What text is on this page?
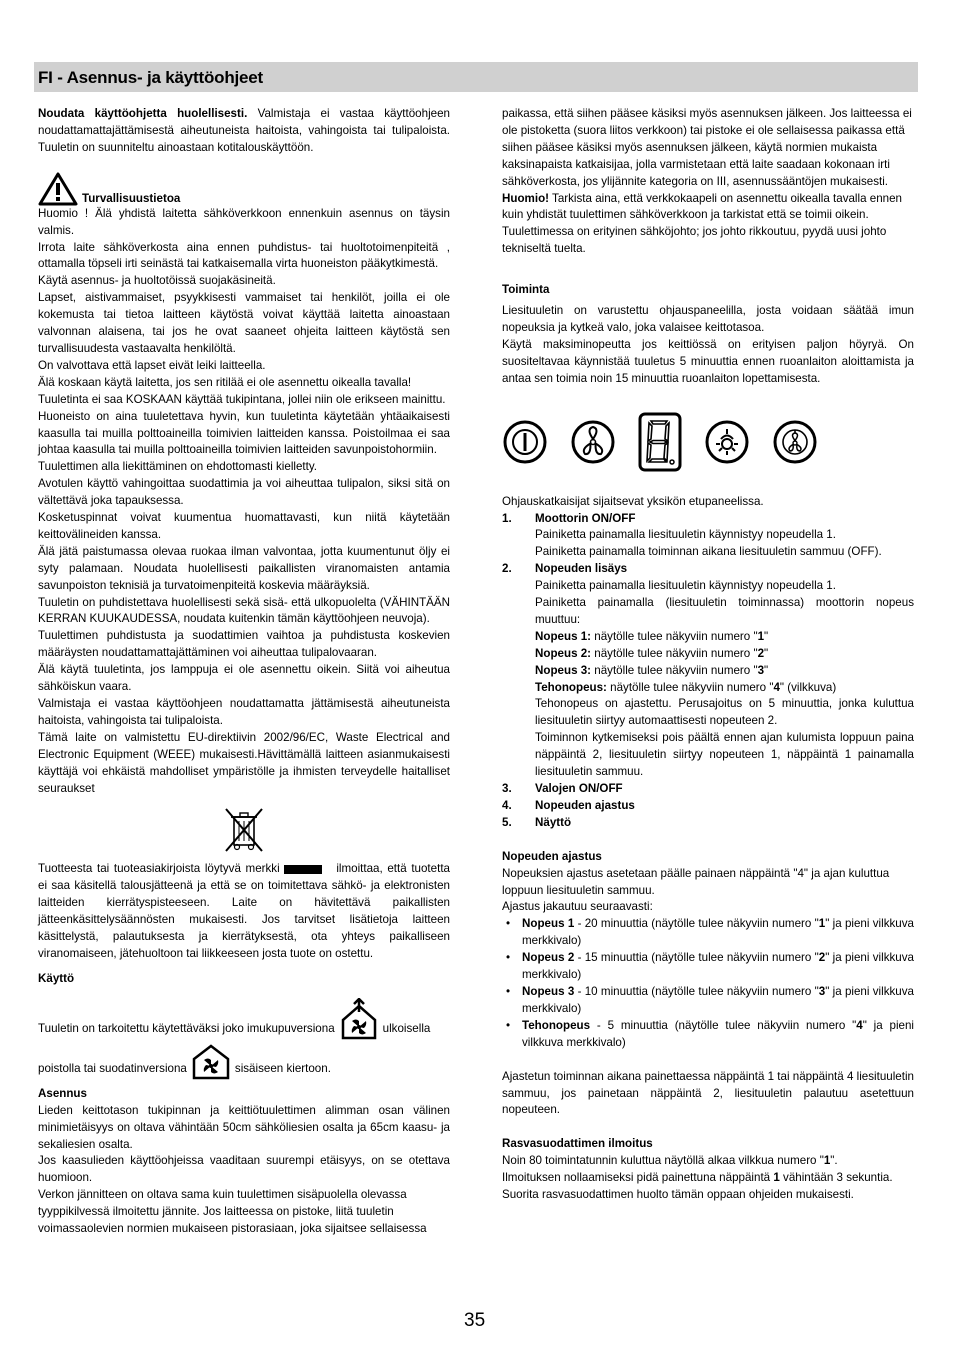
FI - Asennus- ja käyttöohjeet

Noudata käyttöohjetta huolellisesti. Valmistaja ei vastaa käyttöohjeen noudattamattajättämisestä aiheutuneista haitoista, vahingoista tai tulipaloista. Tuuletin on suunniteltu ainoastaan kotitalouskäyttöön.

Turvallisuustietoa

Huomio ! Älä yhdistä laitetta sähköverkkoon ennenkuin asennus on täysin valmis.

Irrota laite sähköverkosta aina ennen puhdistus- tai huoltotoimenpiteitä , ottamalla töpseli irti seinästä tai katkaisemalla virta huoneiston pääkytkimestä.

Käytä asennus- ja huoltotöissä suojakäsineitä.

Lapset, aistivammaiset, psyykkisesti vammaiset tai henkilöt, joilla ei ole kokemusta tai tietoa laitteen käytöstä voivat käyttää laitetta ainoastaan valvonnan alaisena, tai jos he ovat saaneet ohjeita laitteen käytöstä sen turvallisuudesta vastaavalta henkilöltä.

On valvottava että lapset eivät leiki laitteella.

Älä koskaan käytä laitetta, jos sen ritilää ei ole asennettu oikealla tavalla!

Tuuletinta ei saa KOSKAAN käyttää tukipintana, jollei niin ole erikseen mainittu.

Huoneisto on aina tuuletettava hyvin, kun tuuletinta käytetään yhtäaikaisesti kaasulla tai muilla polttoaineilla toimivien laitteiden kanssa. Poistoilmaa ei saa johtaa kaasulla tai muilla polttoaineilla toimivien laitteiden savunpoistohormiin.

Tuulettimen alla liekittäminen on ehdottomasti kielletty.

Avotulen käyttö vahingoittaa suodattimia ja voi aiheuttaa tulipalon, siksi sitä on vältettävä joka tapauksessa.

Kosketuspinnat voivat kuumentua huomattavasti, kun niitä käytetään keittovälineiden kanssa.

Älä jätä paistumassa olevaa ruokaa ilman valvontaa, jotta kuumentunut öljy ei syty palamaan. Noudata huolellisesti paikallisten viranomaisten antamia savunpoiston teknisiä ja turvatoimenpiteitä koskevia määräyksiä.

Tuuletin on puhdistettava huolellisesti sekä sisä- että ulkopuolelta (VÄHINTÄÄN KERRAN KUUKAUDESSA, noudata kuitenkin tämän käyttöohjeen neuvoja).

Tuulettimen puhdistusta ja suodattimien vaihtoa ja puhdistusta koskevien määräysten noudattamattajättäminen voi aiheuttaa tulipalovaaran.

Älä käytä tuuletinta, jos lamppuja ei ole asennettu oikein. Siitä voi aiheutua sähköiskun vaara.

Valmistaja ei vastaa käyttöohjeen noudattamatta jättämisestä aiheutuneista haitoista, vahingoista tai tulipaloista.

Tämä laite on valmistettu EU-direktiivin 2002/96/EC, Waste Electrical and Electronic Equipment (WEEE) mukaisesti.Hävittämällä laitteen asianmukaisesti käyttäjä voi ehkäistä mahdolliset ympäristölle ja ihmisten terveydelle haitalliset seuraukset

Tuotteesta tai tuoteasiakirjoista löytyvä merkki	ilmoittaa, että tuotetta ei saa käsitellä talousjätteenä ja että se on toimitettava sähkö- ja elektronisten laitteiden kierrätyspisteeseen. Laite on hävitettävä paikallisten jätteenkäsittelysäännösten mukaisesti. Jos tarvitset lisätietoja laitteen käsittelystä, palautuksesta ja kierrätyksestä, ota yhteys paikalliseen viranomaiseen, jätehuoltoon tai liikkeeseen josta tuote on ostettu.

Käyttö

Tuuletin on tarkoitettu käytettäväksi joko imukupuversiona	ulkoisella
poistolla tai suodatinversiona	sisäiseen kiertoon.

Asennus

Lieden keittotason tukipinnan ja keittiötuulettimen alimman osan välinen minimietäisyys on oltava vähintään 50cm sähköliesien osalta ja 65cm kaasu- ja sekaliesien osalta.

Jos kaasulieden käyttöohjeissa vaaditaan suurempi etäisyys, on se otettava huomioon.

Verkon jännitteen on oltava sama kuin tuulettimen sisäpuolella olevassa tyyppikilvessä ilmoitettu jännite. Jos laitteessa on pistoke, liitä tuuletin voimassaolevien normien mukaiseen pistorasiaan, joka sijaitsee sellaisessa

paikassa, että siihen pääsee käsiksi myös asennuksen jälkeen. Jos laitteessa ei ole pistoketta (suora liitos verkkoon) tai pistoke ei ole sellaisessa paikassa että siihen pääsee käsiksi myös asennuksen jälkeen, käytä normien mukaista kaksinapaista katkaisijaa, jolla varmistetaan että laite saadaan kokonaan irti sähköverkosta, jos ylijännite kategoria on III, asennussääntöjen mukaisesti.

Huomio! Tarkista aina, että verkkokaapeli on asennettu oikealla tavalla ennen kuin yhdistät tuulettimen sähköverkkoon ja tarkistat että se toimii oikein.

Tuulettimessa on erityinen sähköjohto; jos johto rikkoutuu, pyydä uusi johto tekniseltä tuelta.

Toiminta

Liesituuletin on varustettu ohjauspaneelilla, josta voidaan säätää imun nopeuksia ja kytkeä valo, joka valaisee keittotasoa.

Käytä maksiminopeutta jos keittiössä on erityisen paljon höyryä. On suositeltavaa käynnistää tuuletus 5 minuuttia ennen ruoanlaiton aloittamista ja antaa sen toimia noin 15 minuuttia ruoanlaiton lopettamisesta.

Ohjauskatkaisijat sijaitsevat yksikön etupaneelissa.

1. Moottorin ON/OFF

Painiketta painamalla liesituuletin käynnistyy nopeudella 1.

Painiketta painamalla toiminnan aikana liesituuletin sammuu (OFF).

2. Nopeuden lisäys

Painiketta painamalla liesituuletin käynnistyy nopeudella 1.

Painiketta painamalla (liesituuletin toiminnassa) moottorin nopeus muuttuu:

Nopeus 1: näytölle tulee näkyviin numero "1"

Nopeus 2: näytölle tulee näkyviin numero "2"

Nopeus 3: näytölle tulee näkyviin numero "3"

Tehonopeus: näytölle tulee näkyviin numero "4" (vilkkuva)

Tehonopeus on ajastettu. Perusajoitus on 5 minuuttia, jonka kuluttua liesituuletin siirtyy automaattisesti nopeuteen 2.

Toiminnon kytkemiseksi pois päältä ennen ajan kulumista loppuun paina näppäintä 2, liesituuletin siirtyy nopeuteen 1, näppäintä 1 painamalla liesituuletin sammuu.

3. Valojen ON/OFF
4. Nopeuden ajastus
5. Näyttö

Nopeuden ajastus

Nopeuksien ajastus asetetaan päälle painaen näppäintä "4" ja ajan kuluttua loppuun liesituuletin sammuu.

Ajastus jakautuu seuraavasti:

• Nopeus 1 - 20 minuuttia (näytölle tulee näkyviin numero "1" ja pieni vilkkuva merkkivalo)

• Nopeus 2 - 15 minuuttia (näytölle tulee näkyviin numero "2" ja pieni vilkkuva merkkivalo)

• Nopeus 3 - 10 minuuttia (näytölle tulee näkyviin numero "3" ja pieni vilkkuva merkkivalo)

• Tehonopeus - 5 minuuttia (näytölle tulee näkyviin numero "4" ja pieni vilkkuva merkkivalo)

Ajastetun toiminnan aikana painettaessa näppäintä 1 tai näppäintä 4 liesituuletin sammuu, jos painetaan näppäintä 2, liesituuletin palautuu asetettuun nopeuteen.

Rasvasuodattimen ilmoitus

Noin 80 toimintatunnin kuluttua näytöllä alkaa vilkkua numero "1".

Ilmoituksen nollaamiseksi pidä painettuna näppäintä 1 vähintään 3 sekuntia.

Suorita rasvasuodattimen huolto tämän oppaan ohjeiden mukaisesti.

35
